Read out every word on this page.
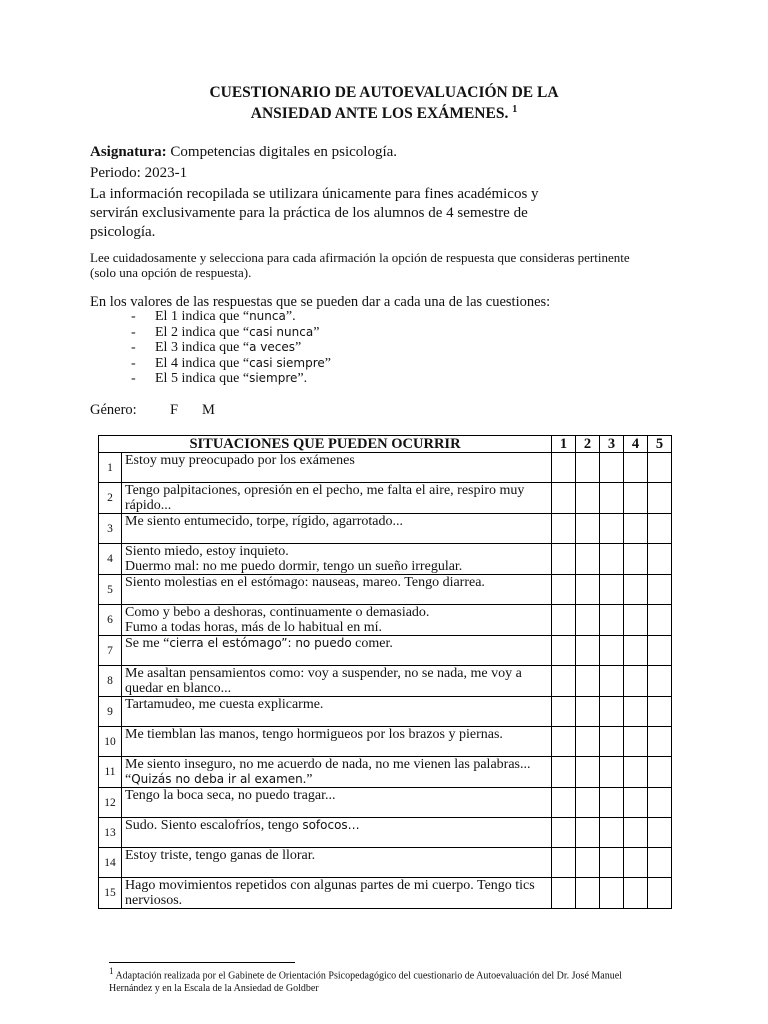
CUESTIONARIO DE AUTOEVALUACIÓN DE LA
ANSIEDAD ANTE LOS EXÁMENES. $^1$
Asignatura: Competencias digitales en psicología.
Periodo: 2023-1
La información recopilada se utilizara únicamente para fines académicos y
servirán exclusivamente para la práctica de los alumnos de 4 semestre de
psicología.
Lee cuidadosamente y selecciona para cada afirmación la opción de respuesta que consideras pertinente
(solo una opción de respuesta).
En los valores de las respuestas que se pueden dar a cada una de las cuestiones:
- El 1 indica que “nunca”.
- El 2 indica que “casi nunca”
- El 3 indica que “a veces”
- El 4 indica que “casi siempre”
- El 5 indica que “siempre”.
Género: F M
SITUACIONES QUE PUEDEN OCURRIR		1	2	3	4	5
1	Estoy muy preocupado por los exámenes					

2	Tengo palpitaciones, opresión en el pecho, me falta el aire, respiro muy
rápido...					

3	Me siento entumecido, torpe, rígido, agarrotado...					

4	Siento miedo, estoy inquieto.
Duermo mal: no me puedo dormir, tengo un sueño irregular.					

5	Siento molestias en el estómago: nauseas, mareo. Tengo diarrea.					

6	Como y bebo a deshoras, continuamente o demasiado.
Fumo a todas horas, más de lo habitual en mí.					

7	Se me “cierra el estómago”: no puedo comer.					

8	Me asaltan pensamientos como: voy a suspender, no se nada, me voy a
quedar en blanco...					

9	Tartamudeo, me cuesta explicarme.					

10	Me tiemblan las manos, tengo hormigueos por los brazos y piernas.					

11	Me siento inseguro, no me acuerdo de nada, no me vienen las palabras...
“Quizás no deba ir al examen.”					

12	Tengo la boca seca, no puedo tragar...					

13	Sudo. Siento escalofríos, tengo sofocos…					

14	Estoy triste, tengo ganas de llorar.					

15	Hago movimientos repetidos con algunas partes de mi cuerpo. Tengo tics
nerviosos.					

$^1$ Adaptación realizada por el Gabinete de Orientación Psicopedagógico del cuestionario de Autoevaluación del Dr. José Manuel
Hernández y en la Escala de la Ansiedad de Goldber
